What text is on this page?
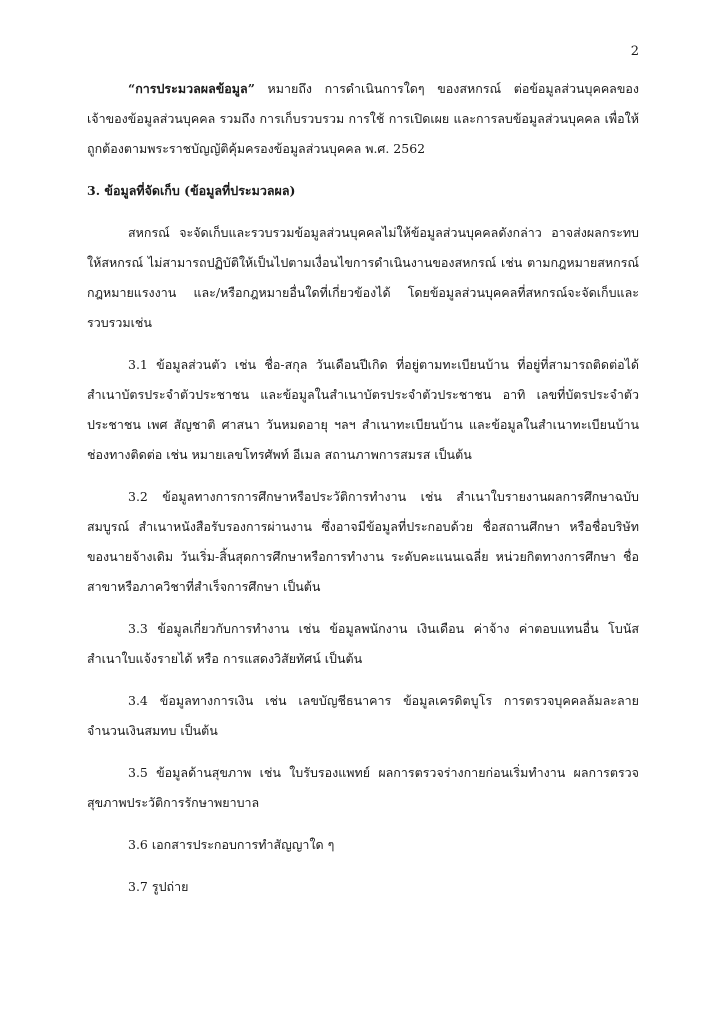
2

“การประมวลผลข้อมูล” หมายถึง การดำเนินการใดๆ ของสหกรณ์ ต่อข้อมูลส่วนบุคคลของเจ้าของข้อมูลส่วนบุคคล รวมถึง การเก็บรวบรวม การใช้ การเปิดเผย และการลบข้อมูลส่วนบุคคล เพื่อให้ถูกต้องตามพระราชบัญญัติคุ้มครองข้อมูลส่วนบุคคล พ.ศ. 2562

3. ข้อมูลที่จัดเก็บ (ข้อมูลที่ประมวลผล)

สหกรณ์ จะจัดเก็บและรวบรวมข้อมูลส่วนบุคคลไม่ให้ข้อมูลส่วนบุคคลดังกล่าว อาจส่งผลกระทบให้สหกรณ์ ไม่สามารถปฏิบัติให้เป็นไปตามเงื่อนไขการดำเนินงานของสหกรณ์ เช่น ตามกฎหมายสหกรณ์ กฎหมายแรงงาน และ/หรือกฎหมายอื่นใดที่เกี่ยวข้องได้ โดยข้อมูลส่วนบุคคลที่สหกรณ์จะจัดเก็บและรวบรวมเช่น

3.1 ข้อมูลส่วนตัว เช่น ชื่อ-สกุล วันเดือนปีเกิด ที่อยู่ตามทะเบียนบ้าน ที่อยู่ที่สามารถติดต่อได้ สำเนาบัตรประจำตัวประชาชน และข้อมูลในสำเนาบัตรประจำตัวประชาชน อาทิ เลขที่บัตรประจำตัวประชาชน เพศ สัญชาติ ศาสนา วันหมดอายุ ฯลฯ สำเนาทะเบียนบ้าน และข้อมูลในสำเนาทะเบียนบ้าน ช่องทางติดต่อ เช่น หมายเลขโทรศัพท์ อีเมล สถานภาพการสมรส เป็นต้น

3.2 ข้อมูลทางการการศึกษาหรือประวัติการทำงาน เช่น สำเนาใบรายงานผลการศึกษาฉบับสมบูรณ์ สำเนาหนังสือรับรองการผ่านงาน ซึ่งอาจมีข้อมูลที่ประกอบด้วย ชื่อสถานศึกษา หรือชื่อบริษัทของนายจ้างเดิม วันเริ่ม-สิ้นสุดการศึกษาหรือการทำงาน ระดับคะแนนเฉลี่ย หน่วยกิตทางการศึกษา ชื่อสาขาหรือภาควิชาที่สำเร็จการศึกษา เป็นต้น

3.3 ข้อมูลเกี่ยวกับการทำงาน เช่น ข้อมูลพนักงาน เงินเดือน ค่าจ้าง ค่าตอบแทนอื่น โบนัส สำเนาใบแจ้งรายได้ หรือ การแสดงวิสัยทัศน์ เป็นต้น

3.4 ข้อมูลทางการเงิน เช่น เลขบัญชีธนาคาร ข้อมูลเครดิตบูโร การตรวจบุคคลล้มละลาย จำนวนเงินสมทบ เป็นต้น

3.5 ข้อมูลด้านสุขภาพ เช่น ใบรับรองแพทย์ ผลการตรวจร่างกายก่อนเริ่มทำงาน ผลการตรวจสุขภาพประวัติการรักษาพยาบาล

3.6 เอกสารประกอบการทำสัญญาใด ๆ

3.7 รูปถ่าย
